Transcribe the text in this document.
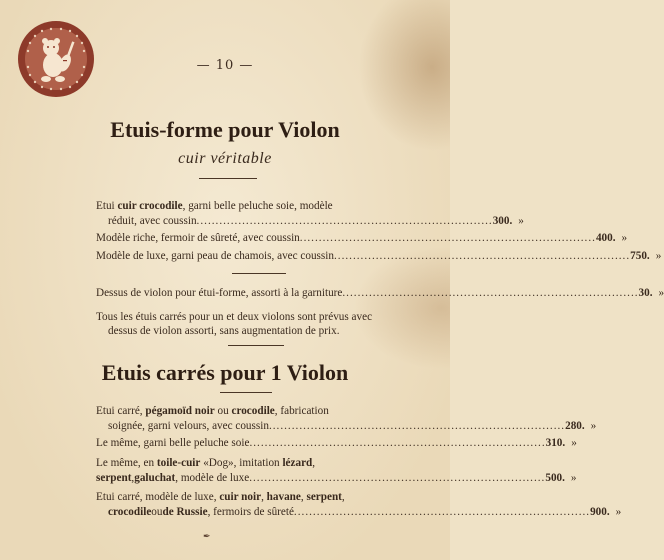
— 10 —
Etuis-forme pour Violon
cuir véritable
Etui cuir crocodile, garni belle peluche soie, modèle
réduit, avec coussin .............................................................................. 300. »
Modèle riche, fermoir de sûreté, avec coussin .............................................................................. 400. »
Modèle de luxe, garni peau de chamois, avec coussin .............................................................................. 750. »
Dessus de violon pour étui-forme, assorti à la garniture .............................................................................. 30. »
Tous les étuis carrés pour un et deux violons sont prévus avec
dessus de violon assorti, sans augmentation de prix.
Etuis carrés pour 1 Violon
Etui carré, pégamoïd noir ou crocodile, fabrication
soignée, garni velours, avec coussin .............................................................................. 280. »
Le même, garni belle peluche soie .............................................................................. 310. »
Le même, en toile-cuir «Dog», imitation lézard,
serpent , galuchat , modèle de luxe .............................................................................. 500. »
Etui carré, modèle de luxe, cuir noir, havane, serpent,
crocodile ou de Russie , fermoirs de sûreté .............................................................................. 900. »
✒
